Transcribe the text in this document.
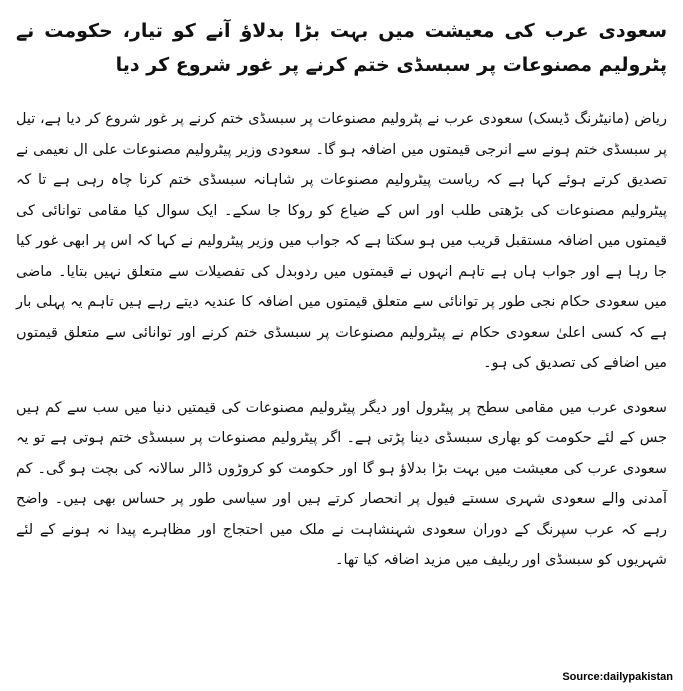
سعودی عرب کی معیشت میں بہت بڑا بدلاؤ آنے کو تیار، حکومت نے پٹرولیم مصنوعات پر سبسڈی ختم کرنے پر غور شروع کر دیا

ریاض (مانیٹرنگ ڈیسک) سعودی عرب نے پٹرولیم مصنوعات پر سبسڈی ختم کرنے پر غور شروع کر دیا ہے، تیل پر سبسڈی ختم ہونے سے انرجی قیمتوں میں اضافہ ہو گا۔ سعودی وزیر پیٹرولیم مصنوعات علی ال نعیمی نے تصدیق کرتے ہوئے کہا ہے کہ ریاست پیٹرولیم مصنوعات پر شاہانہ سبسڈی ختم کرنا چاہ رہی ہے تا کہ پیٹرولیم مصنوعات کی بڑھتی طلب اور اس کے ضیاع کو روکا جا سکے۔ ایک سوال کیا مقامی توانائی کی قیمتوں میں اضافہ مستقبل قریب میں ہو سکتا ہے کہ جواب میں وزیر پیٹرولیم نے کہا کہ اس پر ابھی غور کیا جا رہا ہے اور جواب ہاں ہے تاہم انہوں نے قیمتوں میں ردوبدل کی تفصیلات سے متعلق نہیں بتایا۔ ماضی میں سعودی حکام نجی طور پر توانائی سے متعلق قیمتوں میں اضافہ کا عندیہ دیتے رہے ہیں تاہم یہ پہلی بار ہے کہ کسی اعلیٰ سعودی حکام نے پیٹرولیم مصنوعات پر سبسڈی ختم کرنے اور توانائی سے متعلق قیمتوں میں اضافے کی تصدیق کی ہو۔

سعودی عرب میں مقامی سطح پر پیٹرول اور دیگر پیٹرولیم مصنوعات کی قیمتیں دنیا میں سب سے کم ہیں جس کے لئے حکومت کو بھاری سبسڈی دینا پڑتی ہے۔ اگر پیٹرولیم مصنوعات پر سبسڈی ختم ہوتی ہے تو یہ سعودی عرب کی معیشت میں بہت بڑا بدلاؤ ہو گا اور حکومت کو کروڑوں ڈالر سالانہ کی بچت ہو گی۔ کم آمدنی والے سعودی شہری سستے فیول پر انحصار کرتے ہیں اور سیاسی طور پر حساس بھی ہیں۔ واضح رہے کہ عرب سپرنگ کے دوران سعودی شہنشاہت نے ملک میں احتجاج اور مظاہرے پیدا نہ ہونے کے لئے شہریوں کو سبسڈی اور ریلیف میں مزید اضافہ کیا تھا۔

Source:dailypakistan
